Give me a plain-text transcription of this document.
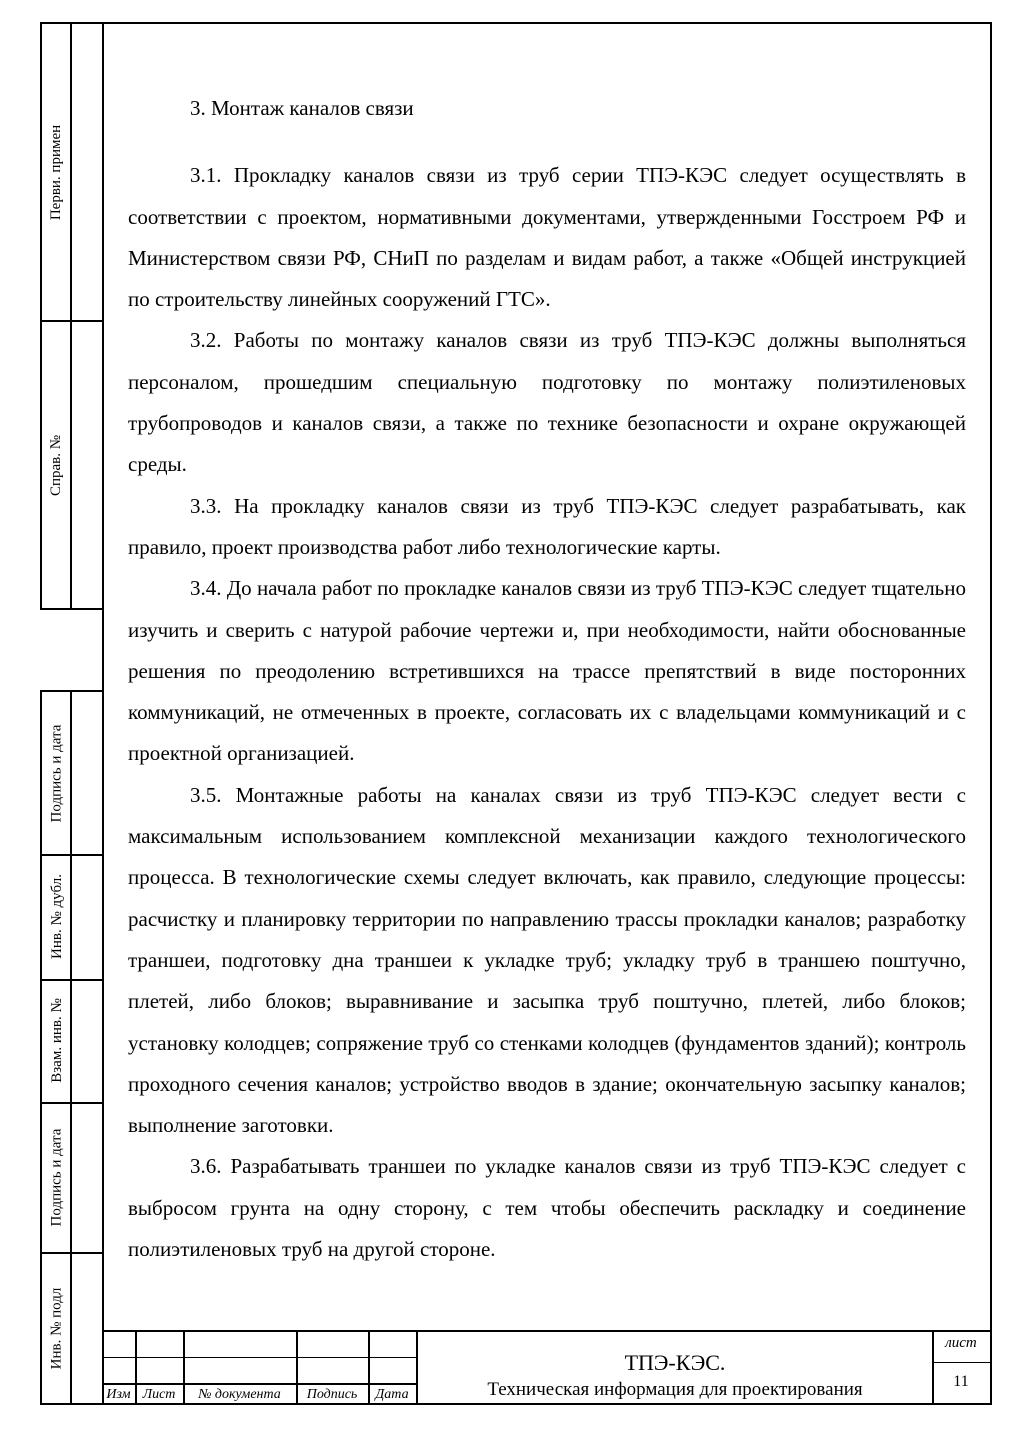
Перви. примен
Справ. №
Подпись и дата
Инв. № дубл.
Взам. инв. №
Подпись и дата
Инв. № подл
3. Монтаж каналов связи

3.1. Прокладку каналов связи из труб серии ТПЭ-КЭС следует осуществлять в соответствии с проектом, нормативными документами, утвержденными Госстроем РФ и Министерством связи РФ, СНиП по разделам и видам работ, а также «Общей инструкцией по строительству линейных сооружений ГТС».

3.2. Работы по монтажу каналов связи из труб ТПЭ-КЭС должны выполняться персоналом, прошедшим специальную подготовку по монтажу полиэтиленовых трубопроводов и каналов связи, а также по технике безопасности и охране окружающей среды.

3.3. На прокладку каналов связи из труб ТПЭ-КЭС следует разрабатывать, как правило, проект производства работ либо технологические карты.

3.4. До начала работ по прокладке каналов связи из труб ТПЭ-КЭС следует тщательно изучить и сверить с натурой рабочие чертежи и, при необходимости, найти обоснованные решения по преодолению встретившихся на трассе препятствий в виде посторонних коммуникаций, не отмеченных в проекте, согласовать их с владельцами коммуникаций и с проектной организацией.

3.5. Монтажные работы на каналах связи из труб ТПЭ-КЭС следует вести с максимальным использованием комплексной механизации каждого технологического процесса. В технологические схемы следует включать, как правило, следующие процессы: расчистку и планировку территории по направлению трассы прокладки каналов; разработку траншеи, подготовку дна траншеи к укладке труб; укладку труб в траншею поштучно, плетей, либо блоков; выравнивание и засыпка труб поштучно, плетей, либо блоков; установку колодцев; сопряжение труб со стенками колодцев (фундаментов зданий); контроль проходного сечения каналов; устройство вводов в здание; окончательную засыпку каналов; выполнение заготовки.

3.6. Разрабатывать траншеи по укладке каналов связи из труб ТПЭ-КЭС следует с выбросом грунта на одну сторону, с тем чтобы обеспечить раскладку и соединение полиэтиленовых труб на другой стороне.

Изм Лист	№ документа	Подпись	Дата
ТПЭ-КЭС.
Техническая информация для проектирования
лист
11
